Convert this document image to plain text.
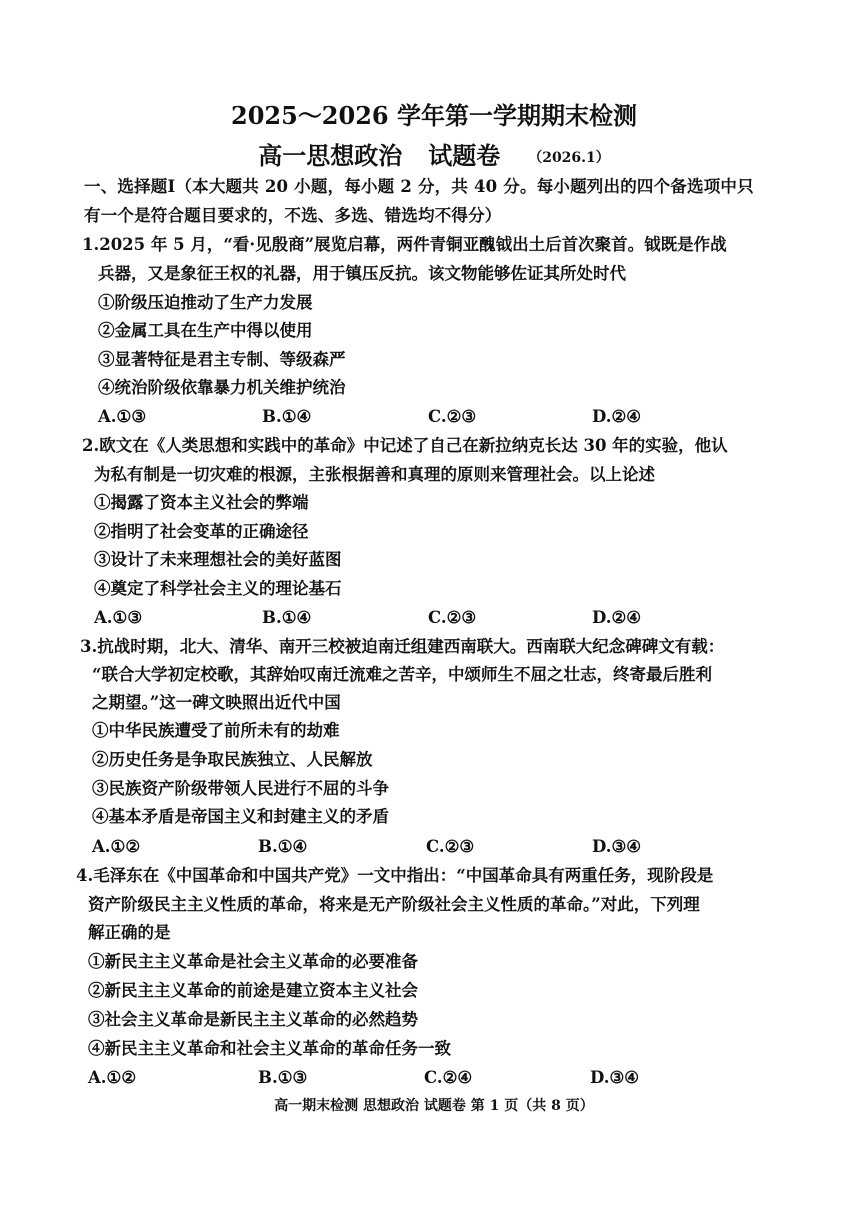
2025～2026 学年第一学期期末检测
高一思想政治 试题卷 （2026.1）
一、选择题Ⅰ（本大题共 20 小题，每小题 2 分，共 40 分。每小题列出的四个备选项中只
有一个是符合题目要求的，不选、多选、错选均不得分）
1.2025 年 5 月，“看·见殷商”展览启幕，两件青铜亚醜钺出土后首次聚首。钺既是作战
兵器，又是象征王权的礼器，用于镇压反抗。该文物能够佐证其所处时代
①阶级压迫推动了生产力发展
②金属工具在生产中得以使用
③显著特征是君主专制、等级森严
④统治阶级依靠暴力机关维护统治
A.①③	B.①④	C.②③	D.②④
2.欧文在《人类思想和实践中的革命》中记述了自己在新拉纳克长达 30 年的实验，他认
为私有制是一切灾难的根源，主张根据善和真理的原则来管理社会。以上论述
①揭露了资本主义社会的弊端
②指明了社会变革的正确途径
③设计了未来理想社会的美好蓝图
④奠定了科学社会主义的理论基石
A.①③	B.①④	C.②③	D.②④
3.抗战时期，北大、清华、南开三校被迫南迁组建西南联大。西南联大纪念碑碑文有载：
“联合大学初定校歌，其辞始叹南迁流难之苦辛，中颂师生不屈之壮志，终寄最后胜利
之期望。”这一碑文映照出近代中国
①中华民族遭受了前所未有的劫难
②历史任务是争取民族独立、人民解放
③民族资产阶级带领人民进行不屈的斗争
④基本矛盾是帝国主义和封建主义的矛盾
A.①②	B.①④	C.②③	D.③④
4.毛泽东在《中国革命和中国共产党》一文中指出：“中国革命具有两重任务，现阶段是
资产阶级民主主义性质的革命，将来是无产阶级社会主义性质的革命。”对此，下列理
解正确的是
①新民主主义革命是社会主义革命的必要准备
②新民主主义革命的前途是建立资本主义社会
③社会主义革命是新民主主义革命的必然趋势
④新民主主义革命和社会主义革命的革命任务一致
A.①②	B.①③	C.②④	D.③④
高一期末检测 思想政治 试题卷 第 1 页（共 8 页）
